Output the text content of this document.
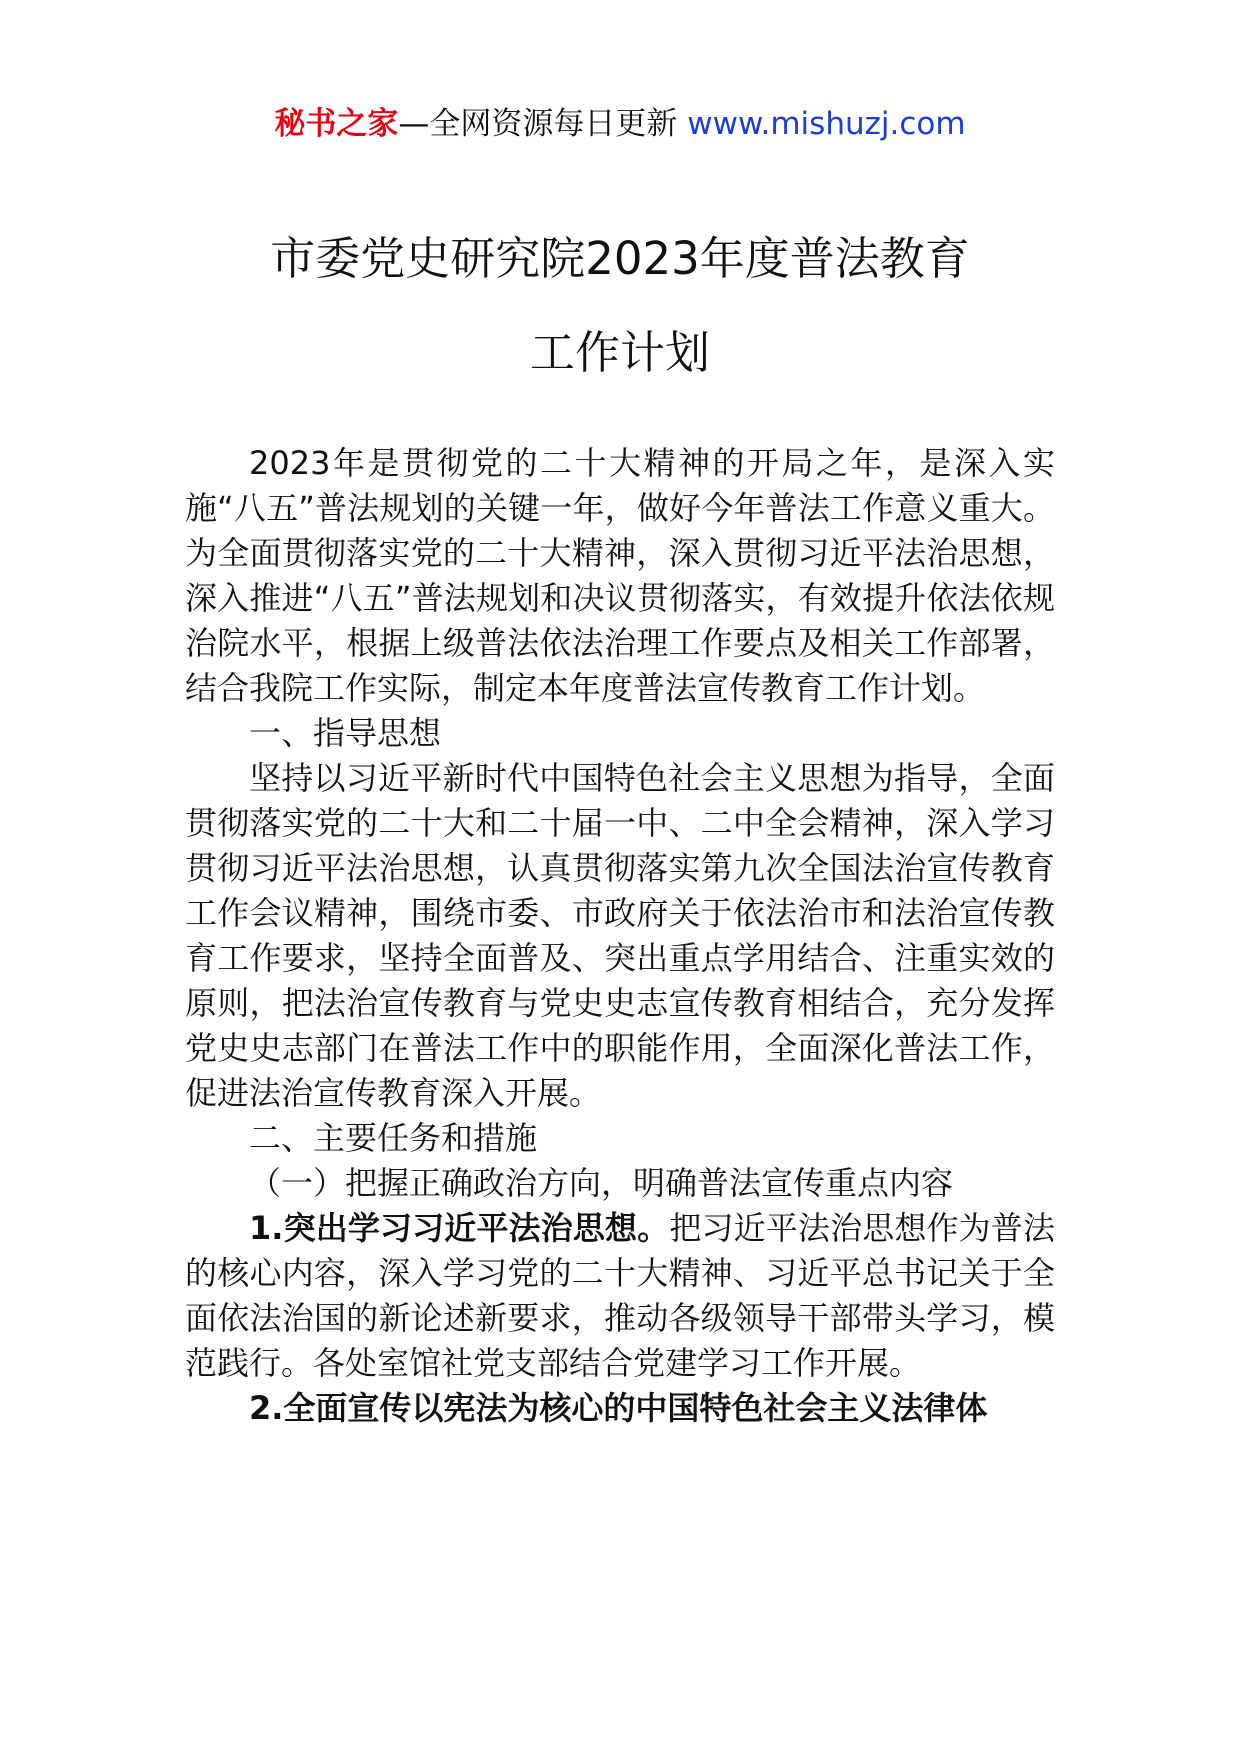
秘书之家—全网资源每日更新 www.mishuzj.com
市委党史研究院2023年度普法教育
工作计划

2023年是贯彻党的二十大精神的开局之年，是深入实施“八五”普法规划的关键一年，做好今年普法工作意义重大。为全面贯彻落实党的二十大精神，深入贯彻习近平法治思想，深入推进“八五”普法规划和决议贯彻落实，有效提升依法依规治院水平，根据上级普法依法治理工作要点及相关工作部署，结合我院工作实际，制定本年度普法宣传教育工作计划。

一、指导思想

坚持以习近平新时代中国特色社会主义思想为指导，全面贯彻落实党的二十大和二十届一中、二中全会精神，深入学习贯彻习近平法治思想，认真贯彻落实第九次全国法治宣传教育工作会议精神，围绕市委、市政府关于依法治市和法治宣传教育工作要求，坚持全面普及、突出重点学用结合、注重实效的原则，把法治宣传教育与党史史志宣传教育相结合，充分发挥党史史志部门在普法工作中的职能作用，全面深化普法工作，促进法治宣传教育深入开展。

二、主要任务和措施

（一）把握正确政治方向，明确普法宣传重点内容

1.突出学习习近平法治思想。把习近平法治思想作为普法的核心内容，深入学习党的二十大精神、习近平总书记关于全面依法治国的新论述新要求，推动各级领导干部带头学习，模范践行。各处室馆社党支部结合党建学习工作开展。

2.全面宣传以宪法为核心的中国特色社会主义法律体
